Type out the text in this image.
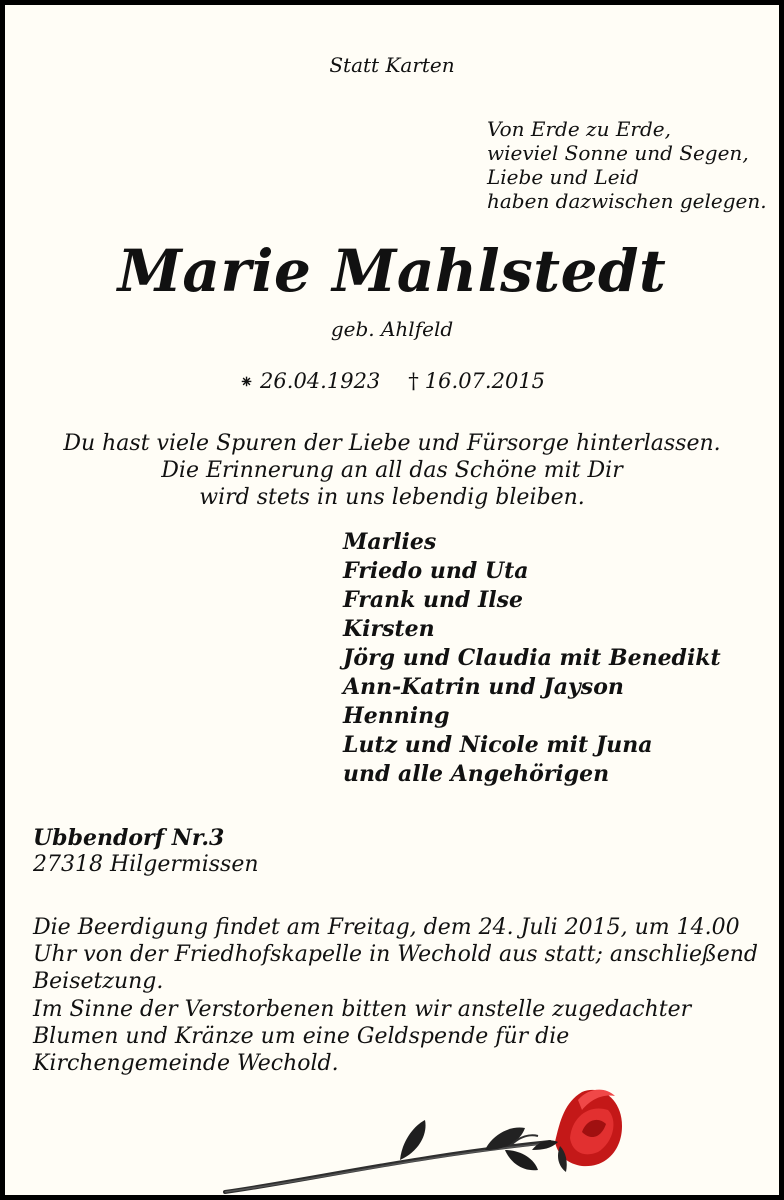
Statt Karten
Von Erde zu Erde,
wieviel Sonne und Segen,
Liebe und Leid
haben dazwischen gelegen.
Marie Mahlstedt
geb. Ahlfeld
⁕ 26.04.1923 † 16.07.2015
Du hast viele Spuren der Liebe und Fürsorge hinterlassen.
Die Erinnerung an all das Schöne mit Dir
wird stets in uns lebendig bleiben.
Marlies
Friedo und Uta
Frank und Ilse
Kirsten
Jörg und Claudia mit Benedikt
Ann-Katrin und Jayson
Henning
Lutz und Nicole mit Juna
und alle Angehörigen
Ubbendorf Nr.3
27318 Hilgermissen
Die Beerdigung findet am Freitag, dem 24. Juli 2015, um 14.00
Uhr von der Friedhofskapelle in Wechold aus statt; anschließend
Beisetzung.
Im Sinne der Verstorbenen bitten wir anstelle zugedachter
Blumen und Kränze um eine Geldspende für die
Kirchengemeinde Wechold.
